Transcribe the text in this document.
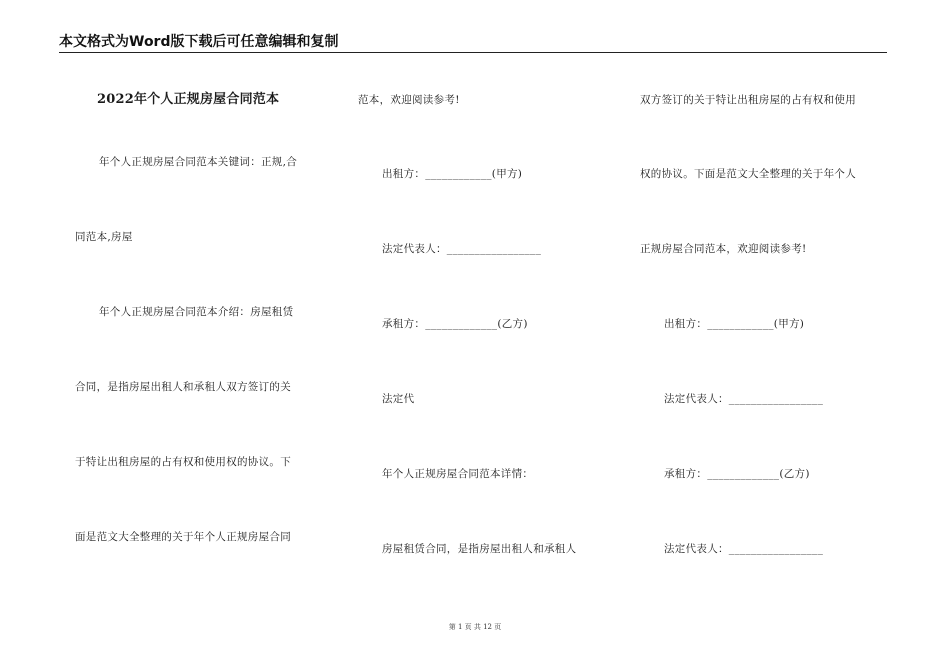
本文格式为Word版下载后可任意编辑和复制
2022年个人正规房屋合同范本
年个人正规房屋合同范本关键词：正规,合
同范本,房屋
年个人正规房屋合同范本介绍：房屋租赁
合同，是指房屋出租人和承租人双方签订的关
于特让出租房屋的占有权和使用权的协议。下
面是范文大全整理的关于年个人正规房屋合同
范本，欢迎阅读参考!
出租方：____________(甲方)
法定代表人：_________________
承租方：_____________(乙方)
法定代
年个人正规房屋合同范本详情：
房屋租赁合同，是指房屋出租人和承租人
双方签订的关于特让出租房屋的占有权和使用
权的协议。下面是范文大全整理的关于年个人
正规房屋合同范本，欢迎阅读参考!
出租方：____________(甲方)
法定代表人：_________________
承租方：_____________(乙方)
法定代表人：_________________
第 1 页 共 12 页
